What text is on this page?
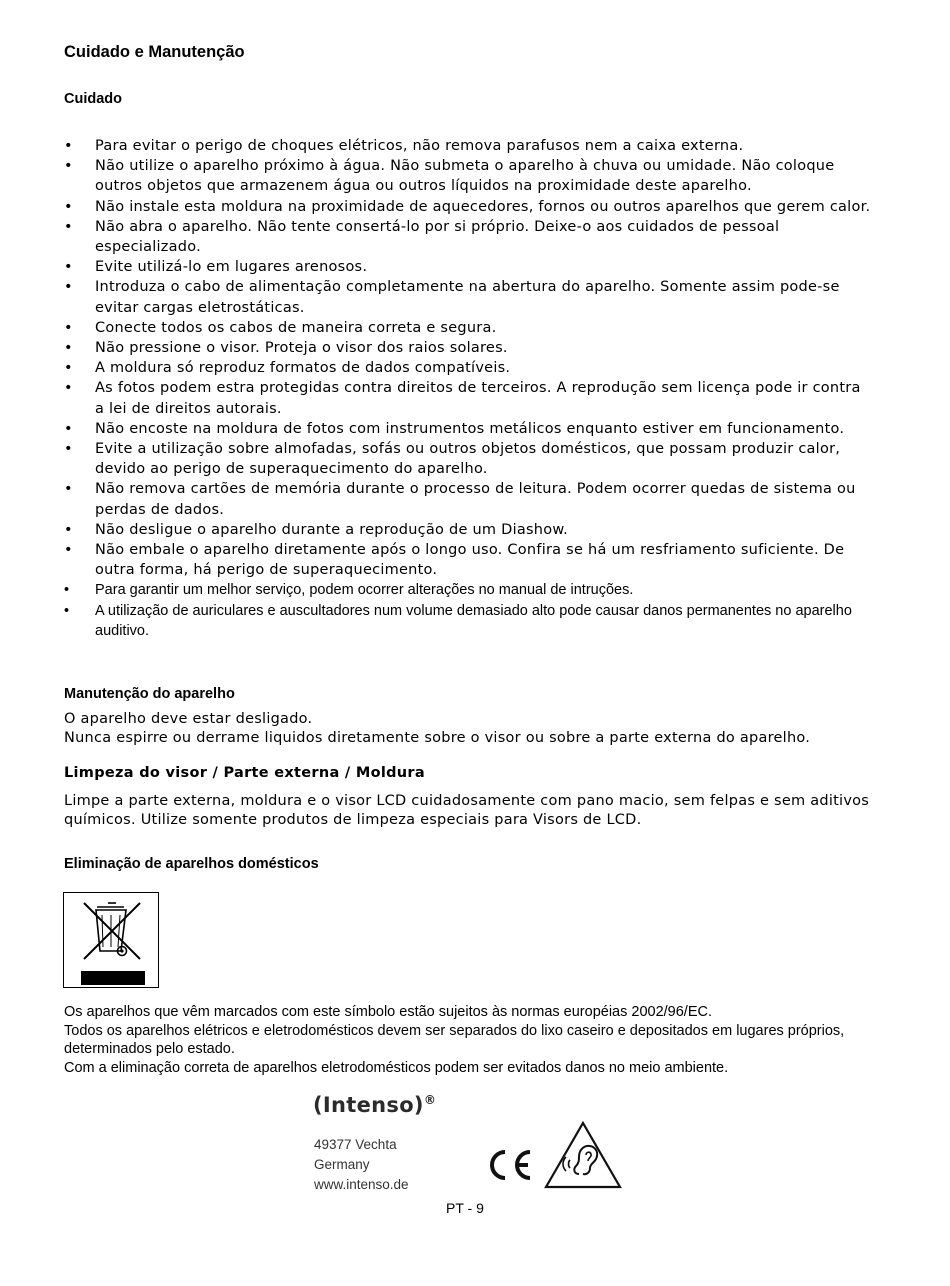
Cuidado e Manutenção
Cuidado
•	Para evitar o perigo de choques elétricos, não remova parafusos nem a caixa externa.
•	Não utilize o aparelho próximo à água. Não submeta o aparelho à chuva ou umidade. Não coloque outros objetos que armazenem água ou outros líquidos na proximidade deste aparelho.
•	Não instale esta moldura na proximidade de aquecedores, fornos ou outros aparelhos que gerem calor.
•	Não abra o aparelho. Não tente consertá-lo por si próprio. Deixe-o aos cuidados de pessoal especializado.
•	Evite utilizá-lo em lugares arenosos.
•	Introduza o cabo de alimentação completamente na abertura do aparelho. Somente assim pode-se evitar cargas eletrostáticas.
•	Conecte todos os cabos de maneira correta e segura.
•	Não pressione o visor. Proteja o visor dos raios solares.
•	A moldura só reproduz formatos de dados compatíveis.
•	As fotos podem estra protegidas contra direitos de terceiros. A reprodução sem licença pode ir contra a lei de direitos autorais.
•	Não encoste na moldura de fotos com instrumentos metálicos enquanto estiver em funcionamento.
•	Evite a utilização sobre almofadas, sofás ou outros objetos domésticos, que possam produzir calor, devido ao perigo de superaquecimento do aparelho.
•	Não remova cartões de memória durante o processo de leitura. Podem ocorrer quedas de sistema ou perdas de dados.
•	Não desligue o aparelho durante a reprodução de um Diashow.
•	Não embale o aparelho diretamente após o longo uso. Confira se há um resfriamento suficiente. De outra forma, há perigo de superaquecimento.
•	Para garantir um melhor serviço, podem ocorrer alterações no manual de intruções.
•	A utilização de auriculares e auscultadores num volume demasiado alto pode causar danos permanentes no aparelho auditivo.
Manutenção do aparelho
O aparelho deve estar desligado.
Nunca espirre ou derrame liquidos diretamente sobre o visor ou sobre a parte externa do aparelho.
Limpeza do visor / Parte externa / Moldura
Limpe a parte externa, moldura e o visor LCD cuidadosamente com pano macio, sem felpas e sem aditivos químicos. Utilize somente produtos de limpeza especiais para Visors de LCD.
Eliminação de aparelhos domésticos
Os aparelhos que vêm marcados com este símbolo estão sujeitos às normas européias 2002/96/EC.
Todos os aparelhos elétricos e eletrodomésticos devem ser separados do lixo caseiro e depositados em lugares próprios, determinados pelo estado.
Com a eliminação correta de aparelhos eletrodomésticos podem ser evitados danos no meio ambiente.
(Intenso)®
49377 Vechta
Germany
www.intenso.de
PT - 9
